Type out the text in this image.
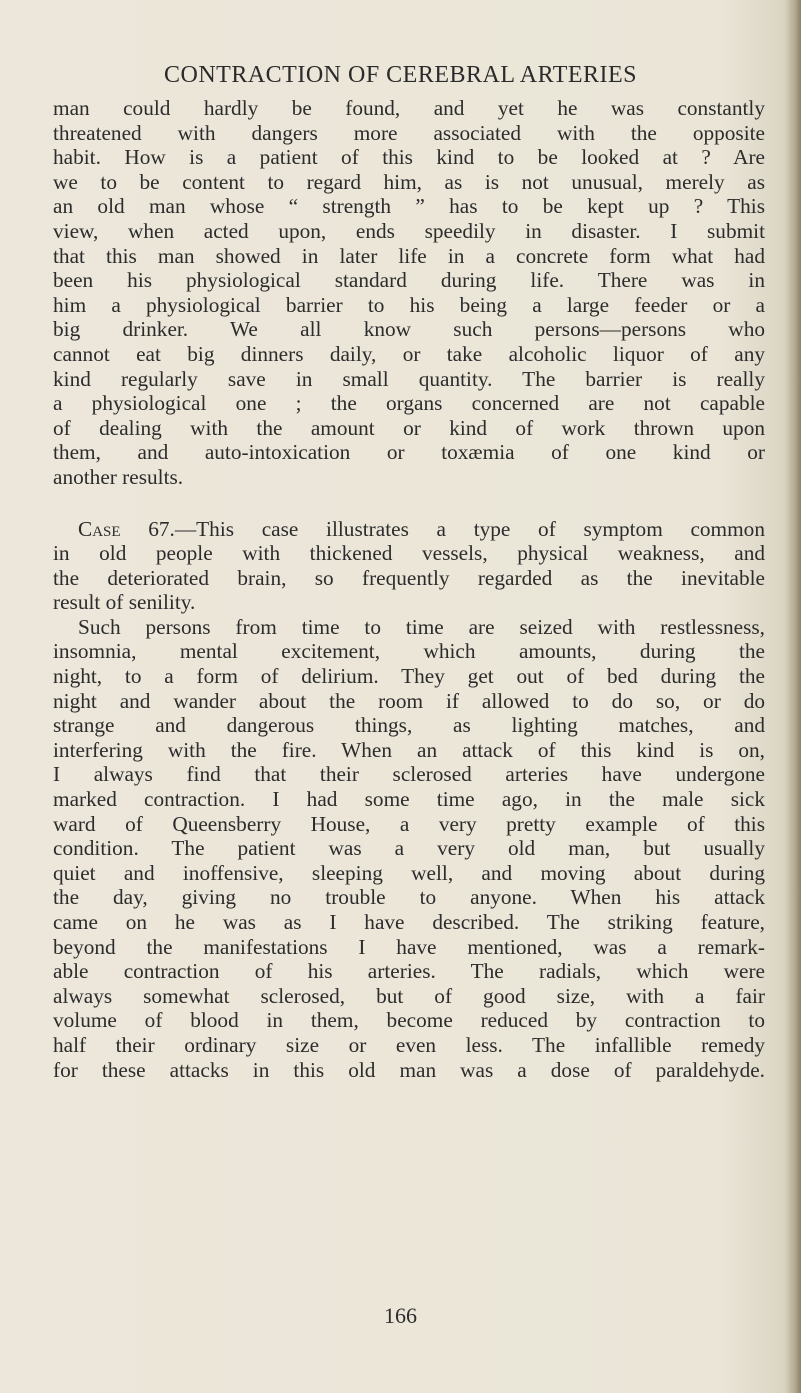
CONTRACTION OF CEREBRAL ARTERIES
man could hardly be found, and yet he was constantly
threatened with dangers more associated with the opposite
habit. How is a patient of this kind to be looked at ? Are
we to be content to regard him, as is not unusual, merely as
an old man whose “ strength ” has to be kept up ? This
view, when acted upon, ends speedily in disaster. I submit
that this man showed in later life in a concrete form what had
been his physiological standard during life. There was in
him a physiological barrier to his being a large feeder or a
big drinker. We all know such persons—persons who
cannot eat big dinners daily, or take alcoholic liquor of any
kind regularly save in small quantity. The barrier is really
a physiological one ; the organs concerned are not capable
of dealing with the amount or kind of work thrown upon
them, and auto-intoxication or toxæmia of one kind or
another results.
Case 67.—This case illustrates a type of symptom common
in old people with thickened vessels, physical weakness, and
the deteriorated brain, so frequently regarded as the inevitable
result of senility.
Such persons from time to time are seized with restlessness,
insomnia, mental excitement, which amounts, during the
night, to a form of delirium. They get out of bed during the
night and wander about the room if allowed to do so, or do
strange and dangerous things, as lighting matches, and
interfering with the fire. When an attack of this kind is on,
I always find that their sclerosed arteries have undergone
marked contraction. I had some time ago, in the male sick
ward of Queensberry House, a very pretty example of this
condition. The patient was a very old man, but usually
quiet and inoffensive, sleeping well, and moving about during
the day, giving no trouble to anyone. When his attack
came on he was as I have described. The striking feature,
beyond the manifestations I have mentioned, was a remark-
able contraction of his arteries. The radials, which were
always somewhat sclerosed, but of good size, with a fair
volume of blood in them, become reduced by contraction to
half their ordinary size or even less. The infallible remedy
for these attacks in this old man was a dose of paraldehyde.
166
